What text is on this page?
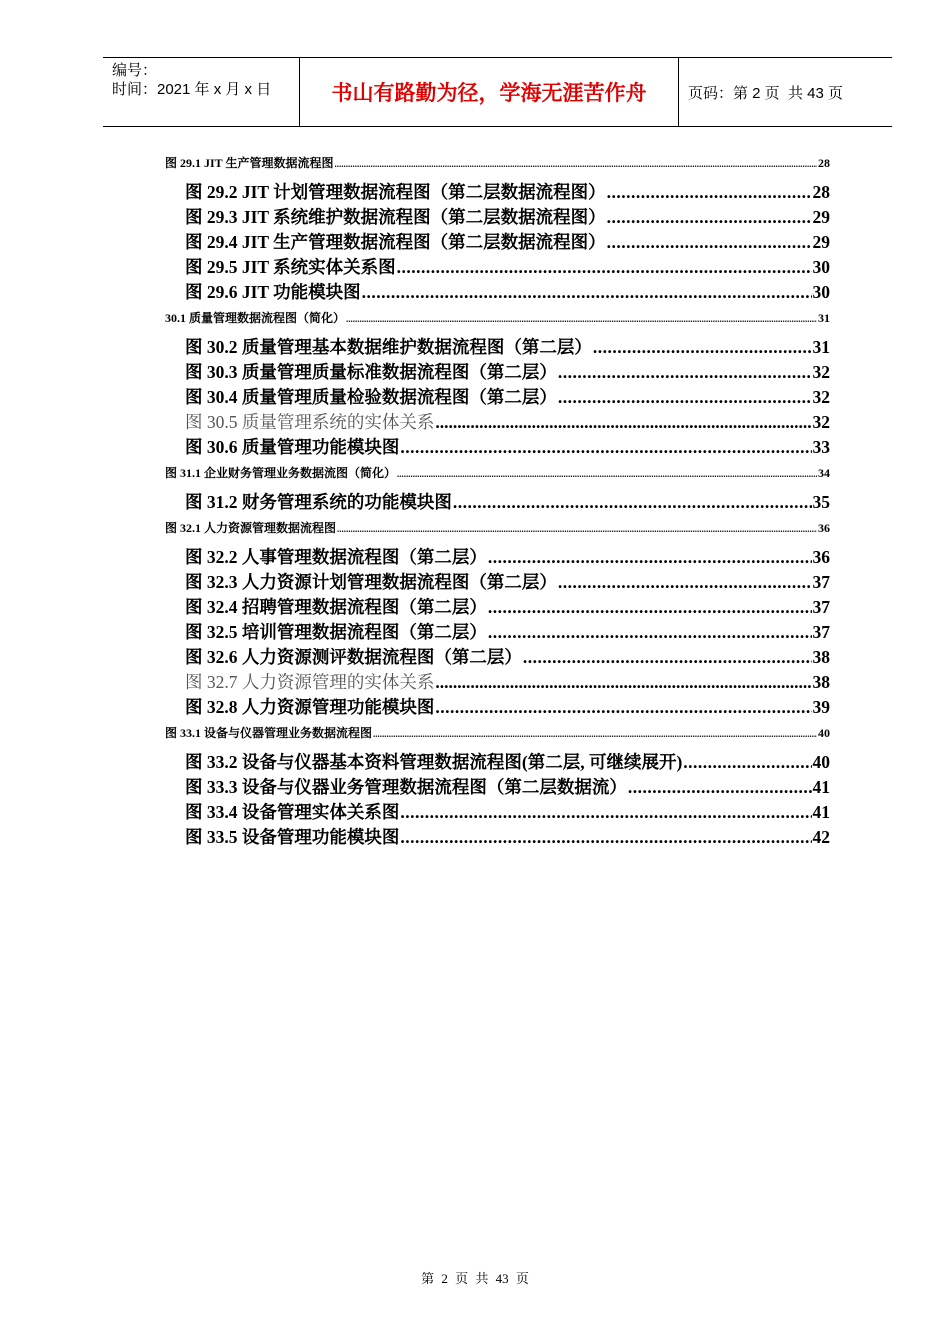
编号：
时间：2021 年 x 月 x 日	书山有路勤为径，学海无涯苦作舟	页码：第 2 页  共 43 页
图 29.1 JIT 生产管理数据流程图 .....	28
图 29.2 JIT 计划管理数据流程图（第二层数据流程图） .....	28
图 29.3 JIT 系统维护数据流程图（第二层数据流程图） .....	29
图 29.4 JIT 生产管理数据流程图（第二层数据流程图） .....	29
图 29.5 JIT 系统实体关系图 .....	30
图 29.6 JIT 功能模块图 .....	30
30.1 质量管理数据流程图（简化） .....	31
图 30.2 质量管理基本数据维护数据流程图（第二层） .....	31
图 30.3 质量管理质量标准数据流程图（第二层） .....	32
图 30.4 质量管理质量检验数据流程图（第二层） .....	32
图 30.5 质量管理系统的实体关系 .....	32
图 30.6 质量管理功能模块图 .....	33
图 31.1 企业财务管理业务数据流图（简化） .....	34
图 31.2 财务管理系统的功能模块图 .....	35
图 32.1 人力资源管理数据流程图 .....	36
图 32.2 人事管理数据流程图（第二层） .....	36
图 32.3 人力资源计划管理数据流程图（第二层） .....	37
图 32.4 招聘管理数据流程图（第二层） .....	37
图 32.5 培训管理数据流程图（第二层） .....	37
图 32.6 人力资源测评数据流程图（第二层） .....	38
图 32.7 人力资源管理的实体关系 .....	38
图 32.8 人力资源管理功能模块图 .....	39
图 33.1 设备与仪器管理业务数据流程图 .....	40
图 33.2 设备与仪器基本资料管理数据流程图(第二层, 可继续展开) .....	40
图 33.3 设备与仪器业务管理数据流程图（第二层数据流） .....	41
图 33.4 设备管理实体关系图 .....	41
图 33.5 设备管理功能模块图 .....	42
第 2 页 共 43 页
